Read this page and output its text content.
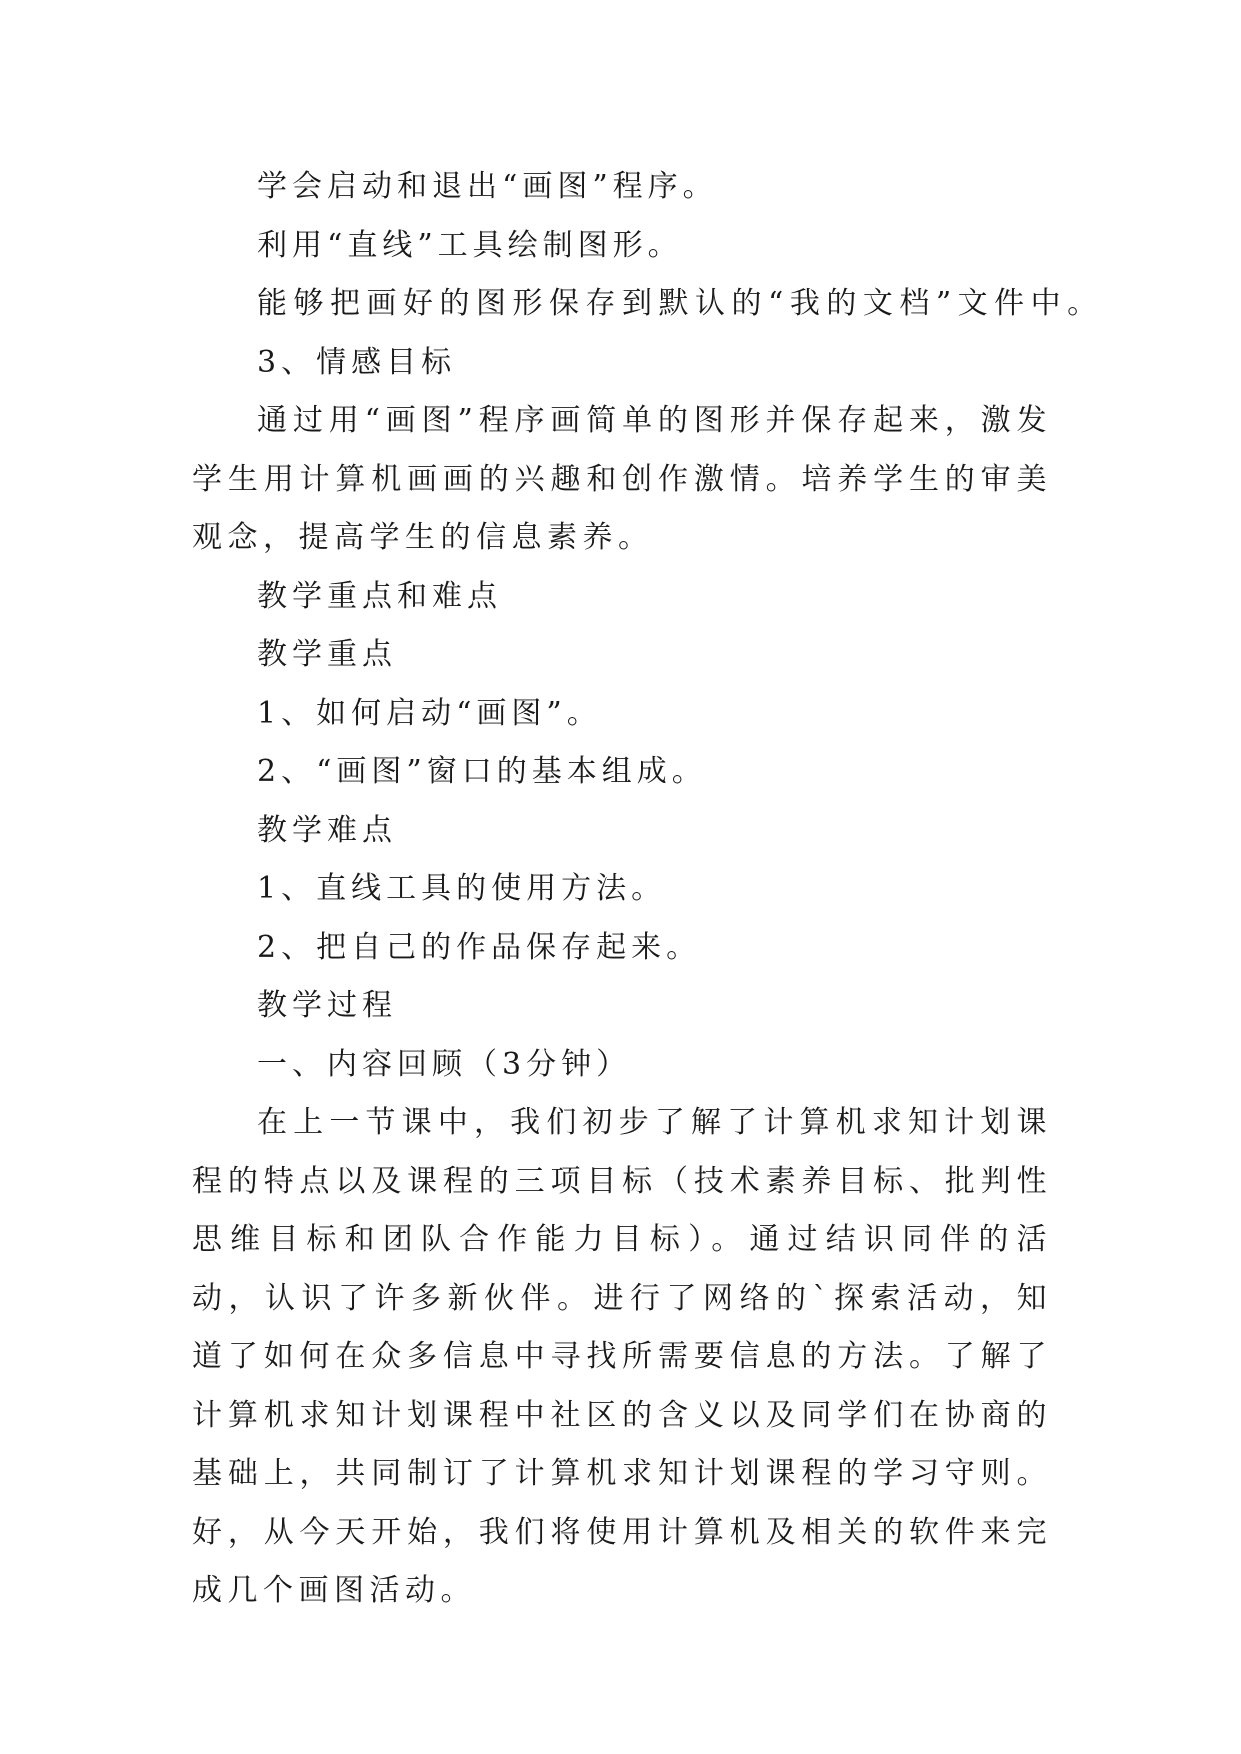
学会启动和退出“画图”程序。

利用“直线”工具绘制图形。

能够把画好的图形保存到默认的“我的文档”文件中。

3、情感目标

通过用“画图”程序画简单的图形并保存起来，激发学生用计算机画画的兴趣和创作激情。培养学生的审美观念，提高学生的信息素养。

教学重点和难点

教学重点

1、如何启动“画图”。

2、“画图”窗口的基本组成。

教学难点

1、直线工具的使用方法。

2、把自己的作品保存起来。

教学过程

一、内容回顾（3分钟）

在上一节课中，我们初步了解了计算机求知计划课程的特点以及课程的三项目标（技术素养目标、批判性思维目标和团队合作能力目标）。通过结识同伴的活动，认识了许多新伙伴。进行了网络的`探索活动，知道了如何在众多信息中寻找所需要信息的方法。了解了计算机求知计划课程中社区的含义以及同学们在协商的基础上，共同制订了计算机求知计划课程的学习守则。好，从今天开始，我们将使用计算机及相关的软件来完成几个画图活动。
